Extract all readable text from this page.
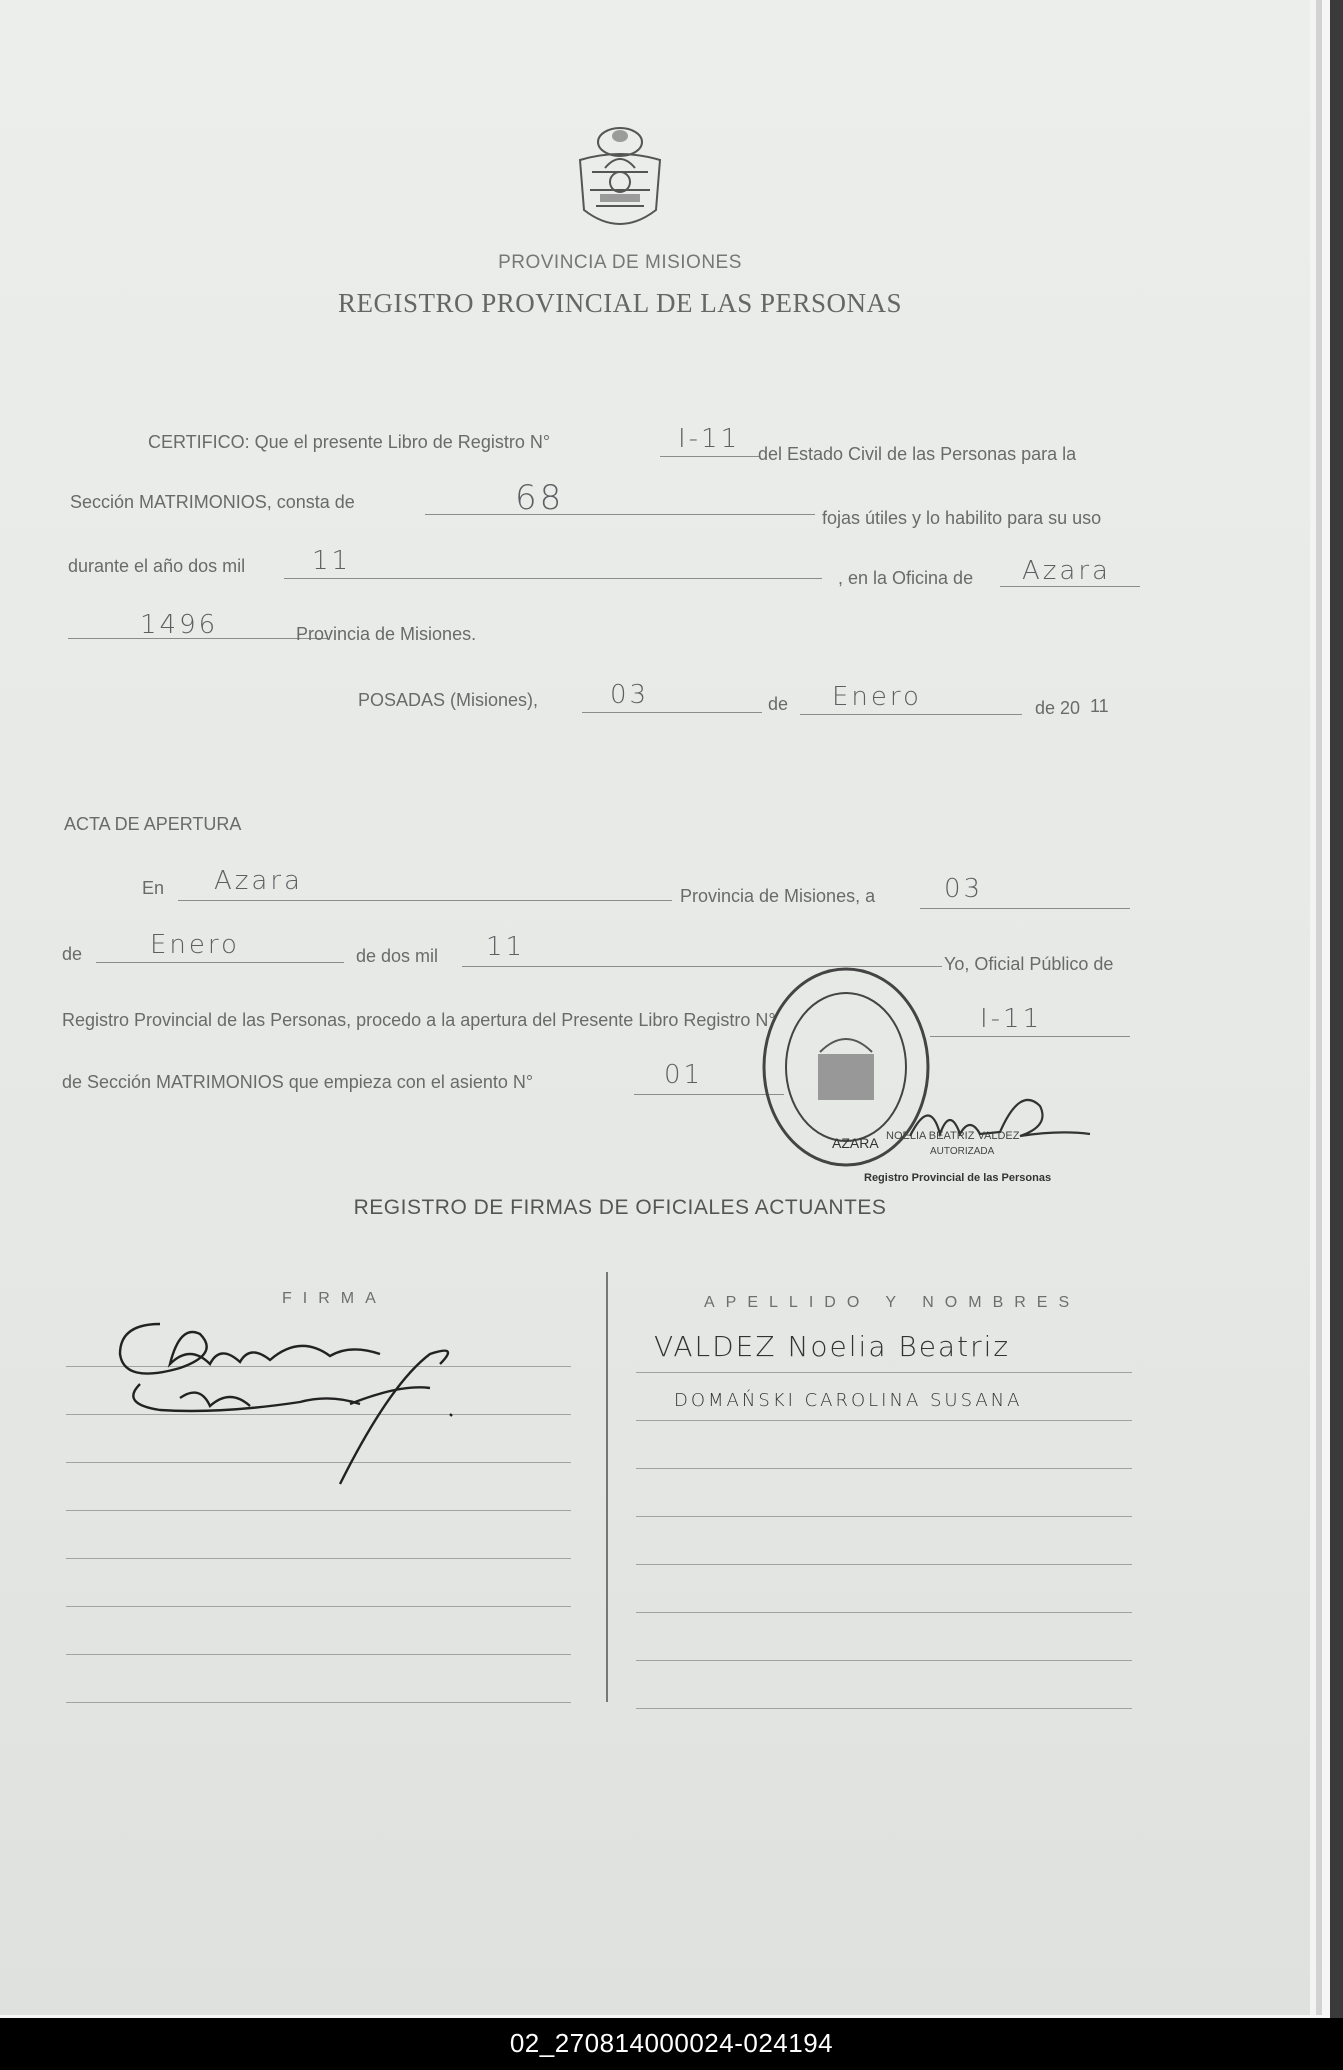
PROVINCIA DE MISIONES
REGISTRO PROVINCIAL DE LAS PERSONAS
CERTIFICO: Que el presente Libro de Registro N°	I-11 del Estado Civil de las Personas para la
Sección MATRIMONIOS, consta de	68	fojas útiles y lo habilito para su uso
durante el año dos mil	11
, en la Oficina de Azara
1496	Provincia de Misiones.
POSADAS (Misiones),	03	de Enero	de 20 11
ACTA DE APERTURA
En Azara	Provincia de Misiones, a	03
de	Enero	de dos mil 11
Yo, Oficial Público de
Registro Provincial de las Personas, procedo a la apertura del Presente Libro Registro N°	I-11
de Sección MATRIMONIOS que empieza con el asiento N°	01
AZARA NOELIA BEATRIZ VALDEZ
AUTORIZADA
Registro Provincial de las Personas
REGISTRO DE FIRMAS DE OFICIALES ACTUANTES
FIRMA	APELLIDO Y NOMBRES
VALDEZ Noelia Beatriz
DOMAŃSKI CAROLINA SUSANA
02_270814000024-024194
